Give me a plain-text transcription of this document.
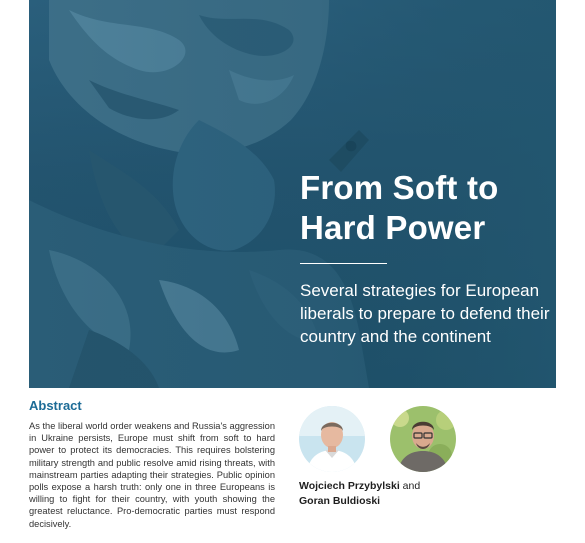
From Soft to
Hard Power

Several strategies for European liberals to prepare to defend their country and the continent

Abstract

As the liberal world order weakens and Russia's aggression in Ukraine persists, Europe must shift from soft to hard power to protect its democracies. This requires bolstering military strength and public resolve amid rising threats, with mainstream parties adapting their strategies. Public opinion polls expose a harsh truth: only one in three Europeans is willing to fight for their country, with youth showing the greatest reluctance. Pro-democratic parties must respond decisively.

Wojciech Przybylski and
Goran Buldioski
